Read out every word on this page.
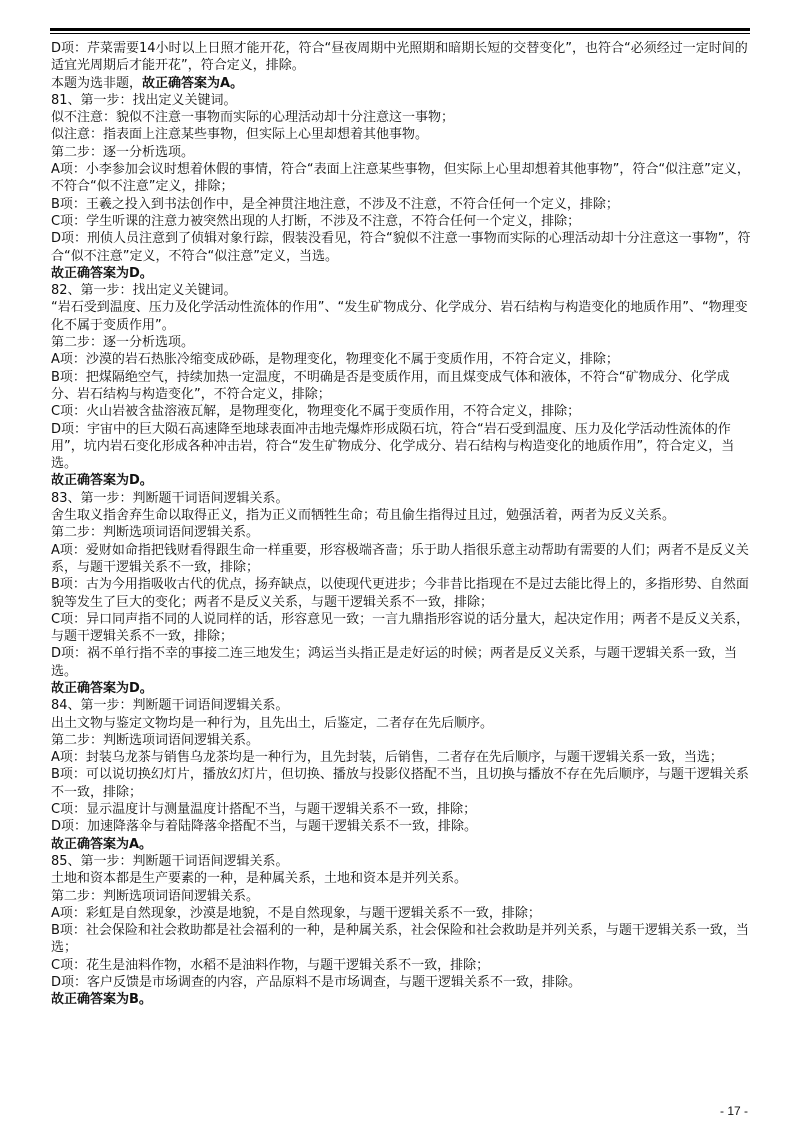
D项：芹菜需要14小时以上日照才能开花，符合“昼夜周期中光照期和暗期长短的交替变化”，也符合“必须经过一定时间的适宜光周期后才能开花”，符合定义，排除。

本题为选非题，故正确答案为A。

81、第一步：找出定义关键词。

似不注意：貌似不注意一事物而实际的心理活动却十分注意这一事物；

似注意：指表面上注意某些事物，但实际上心里却想着其他事物。

第二步：逐一分析选项。

A项：小李参加会议时想着休假的事情，符合“表面上注意某些事物，但实际上心里却想着其他事物”，符合“似注意”定义，不符合“似不注意”定义，排除；

B项：王羲之投入到书法创作中，是全神贯注地注意，不涉及不注意，不符合任何一个定义，排除；

C项：学生听课的注意力被突然出现的人打断，不涉及不注意，不符合任何一个定义，排除；

D项：刑侦人员注意到了侦辑对象行踪，假装没看见，符合“貌似不注意一事物而实际的心理活动却十分注意这一事物”，符合“似不注意”定义，不符合“似注意”定义，当选。

故正确答案为D。

82、第一步：找出定义关键词。

“岩石受到温度、压力及化学活动性流体的作用”、“发生矿物成分、化学成分、岩石结构与构造变化的地质作用”、“物理变化不属于变质作用”。

第二步：逐一分析选项。

A项：沙漠的岩石热胀冷缩变成砂砾，是物理变化，物理变化不属于变质作用，不符合定义，排除；

B项：把煤隔绝空气，持续加热一定温度，不明确是否是变质作用，而且煤变成气体和液体，不符合“矿物成分、化学成分、岩石结构与构造变化”，不符合定义，排除；

C项：火山岩被含盐溶液瓦解，是物理变化，物理变化不属于变质作用，不符合定义，排除；

D项：宇宙中的巨大陨石高速降至地球表面冲击地壳爆炸形成陨石坑，符合“岩石受到温度、压力及化学活动性流体的作用”，坑内岩石变化形成各种冲击岩，符合“发生矿物成分、化学成分、岩石结构与构造变化的地质作用”，符合定义，当选。

故正确答案为D。

83、第一步：判断题干词语间逻辑关系。

舍生取义指舍弃生命以取得正义，指为正义而牺牲生命；苟且偷生指得过且过，勉强活着，两者为反义关系。

第二步：判断选项词语间逻辑关系。

A项：爱财如命指把钱财看得跟生命一样重要，形容极端吝啬；乐于助人指很乐意主动帮助有需要的人们；两者不是反义关系，与题干逻辑关系不一致，排除；

B项：古为今用指吸收古代的优点，扬弃缺点，以使现代更进步；今非昔比指现在不是过去能比得上的，多指形势、自然面貌等发生了巨大的变化；两者不是反义关系，与题干逻辑关系不一致，排除；

C项：异口同声指不同的人说同样的话，形容意见一致；一言九鼎指形容说的话分量大，起决定作用；两者不是反义关系，与题干逻辑关系不一致，排除；

D项：祸不单行指不幸的事接二连三地发生；鸿运当头指正是走好运的时候；两者是反义关系，与题干逻辑关系一致，当选。

故正确答案为D。

84、第一步：判断题干词语间逻辑关系。

出土文物与鉴定文物均是一种行为，且先出土，后鉴定，二者存在先后顺序。

第二步：判断选项词语间逻辑关系。

A项：封装乌龙茶与销售乌龙茶均是一种行为，且先封装，后销售，二者存在先后顺序，与题干逻辑关系一致，当选；

B项：可以说切换幻灯片，播放幻灯片，但切换、播放与投影仪搭配不当，且切换与播放不存在先后顺序，与题干逻辑关系不一致，排除；

C项：显示温度计与测量温度计搭配不当，与题干逻辑关系不一致，排除；

D项：加速降落伞与着陆降落伞搭配不当，与题干逻辑关系不一致，排除。

故正确答案为A。

85、第一步：判断题干词语间逻辑关系。

土地和资本都是生产要素的一种，是种属关系，土地和资本是并列关系。

第二步：判断选项词语间逻辑关系。

A项：彩虹是自然现象，沙漠是地貌，不是自然现象，与题干逻辑关系不一致，排除；

B项：社会保险和社会救助都是社会福利的一种，是种属关系，社会保险和社会救助是并列关系，与题干逻辑关系一致，当选；

C项：花生是油料作物，水稻不是油料作物，与题干逻辑关系不一致，排除；

D项：客户反馈是市场调查的内容，产品原料不是市场调查，与题干逻辑关系不一致，排除。

故正确答案为B。

- 17 -
